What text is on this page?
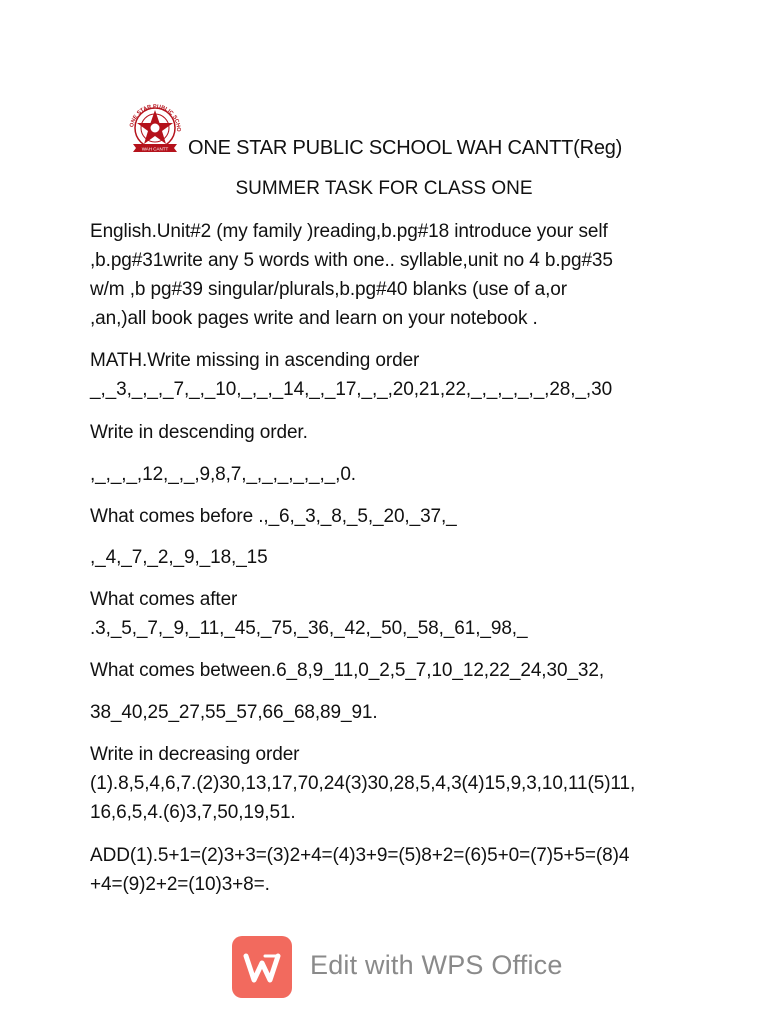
ONE STAR PUBLIC SCHO
WAH CANTT ONE STAR PUBLIC SCHOOL WAH CANTT(Reg)
SUMMER TASK FOR CLASS ONE
English.Unit#2 (my family )reading,b.pg#18 introduce your self
,b.pg#31write any 5 words with one.. syllable,unit no 4 b.pg#35
w/m ,b pg#39 singular/plurals,b.pg#40 blanks (use of a,or
,an,)all book pages write and learn on your notebook .
MATH.Write missing in ascending order
_,_3,_,_,_7,_,_10,_,_,_14,_,_17,_,_,20,21,22,_,_,_,_,_,28,_,30
Write in descending order.
,_,_,_,12,_,_,9,8,7,_,_,_,_,_,_,0.
What comes before .,_6,_3,_8,_5,_20,_37,_
,_4,_7,_2,_9,_18,_15
What comes after
.3,_5,_7,_9,_11,_45,_75,_36,_42,_50,_58,_61,_98,_
What comes between.6_8,9_11,0_2,5_7,10_12,22_24,30_32,
38_40,25_27,55_57,66_68,89_91.
Write in decreasing order
(1).8,5,4,6,7.(2)30,13,17,70,24(3)30,28,5,4,3(4)15,9,3,10,11(5)11,
16,6,5,4.(6)3,7,50,19,51.
ADD(1).5+1=(2)3+3=(3)2+4=(4)3+9=(5)8+2=(6)5+0=(7)5+5=(8)4
+4=(9)2+2=(10)3+8=.
Edit with WPS Office
